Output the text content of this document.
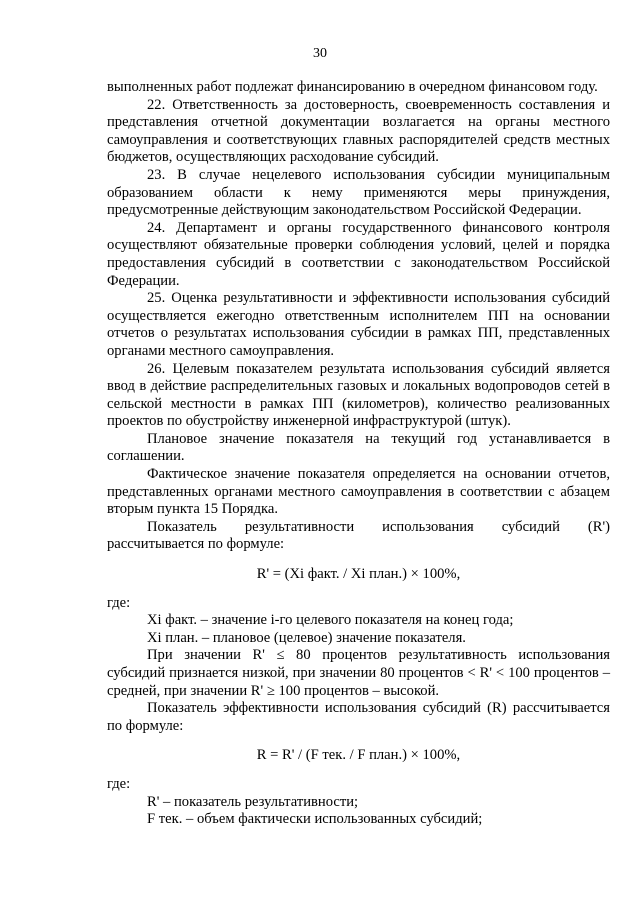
30

выполненных работ подлежат финансированию в очередном финансовом году.

22. Ответственность за достоверность, своевременность составления и представления отчетной документации возлагается на органы местного самоуправления и соответствующих главных распорядителей средств местных бюджетов, осуществляющих расходование субсидий.

23. В случае нецелевого использования субсидии муниципальным образованием области к нему применяются меры принуждения, предусмотренные действующим законодательством Российской Федерации.

24. Департамент и органы государственного финансового контроля осуществляют обязательные проверки соблюдения условий, целей и порядка предоставления субсидий в соответствии с законодательством Российской Федерации.

25. Оценка результативности и эффективности использования субсидий осуществляется ежегодно ответственным исполнителем ПП на основании отчетов о результатах использования субсидии в рамках ПП, представленных органами местного самоуправления.

26. Целевым показателем результата использования субсидий является ввод в действие распределительных газовых и локальных водопроводов сетей в сельской местности в рамках ПП (километров), количество реализованных проектов по обустройству инженерной инфраструктурой (штук).

Плановое значение показателя на текущий год устанавливается в соглашении.

Фактическое значение показателя определяется на основании отчетов, представленных органами местного самоуправления в соответствии с абзацем вторым пункта 15 Порядка.

Показатель результативности использования субсидий (R') рассчитывается по формуле:

R' = (Xi факт. / Xi план.) × 100%,

где:

Xi факт. – значение i-го целевого показателя на конец года;

Xi план. – плановое (целевое) значение показателя.

При значении R' ≤ 80 процентов результативность использования субсидий признается низкой, при значении 80 процентов < R' < 100 процентов – средней, при значении R' ≥ 100 процентов – высокой.

Показатель эффективности использования субсидий (R) рассчитывается по формуле:

R = R' / (F тек. / F план.) × 100%,

где:

R' – показатель результативности;

F тек. – объем фактически использованных субсидий;
